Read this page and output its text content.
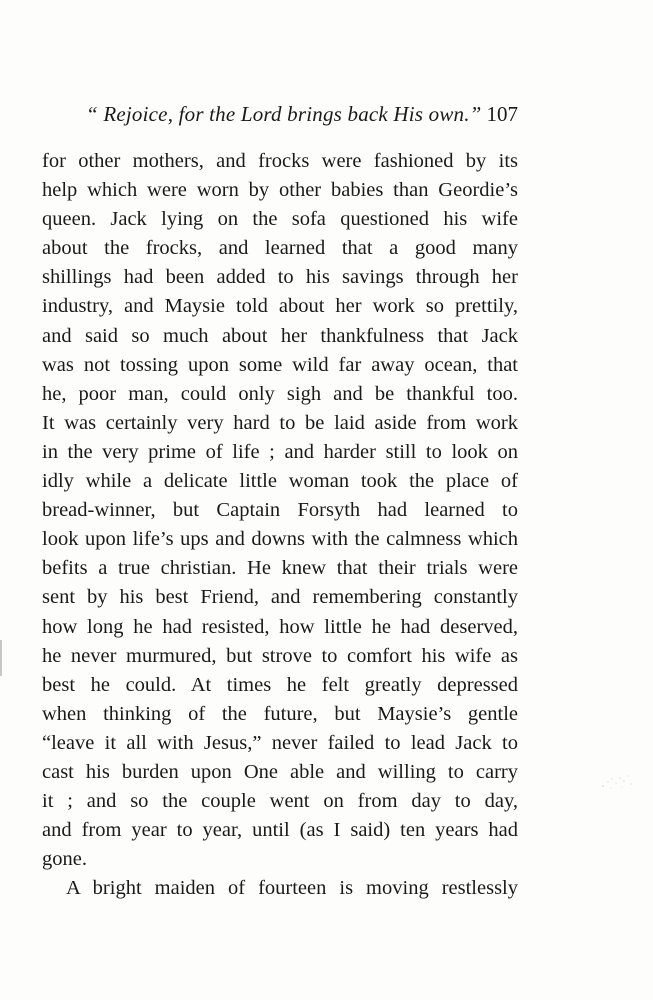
“ Rejoice, for the Lord brings back His own.” 107
for other mothers, and frocks were fashioned by its
help which were worn by other babies than Geordie’s
queen. Jack lying on the sofa questioned his wife
about the frocks, and learned that a good many
shillings had been added to his savings through her
industry, and Maysie told about her work so prettily,
and said so much about her thankfulness that Jack
was not tossing upon some wild far away ocean, that
he, poor man, could only sigh and be thankful too.
It was certainly very hard to be laid aside from work
in the very prime of life ; and harder still to look on
idly while a delicate little woman took the place of
bread-winner, but Captain Forsyth had learned to
look upon life’s ups and downs with the calmness which
befits a true christian. He knew that their trials were
sent by his best Friend, and remembering constantly
how long he had resisted, how little he had deserved,
he never murmured, but strove to comfort his wife as
best he could. At times he felt greatly depressed
when thinking of the future, but Maysie’s gentle
“leave it all with Jesus,” never failed to lead Jack to
cast his burden upon One able and willing to carry
it ; and so the couple went on from day to day,
and from year to year, until (as I said) ten years had
gone.
A bright maiden of fourteen is moving restlessly
